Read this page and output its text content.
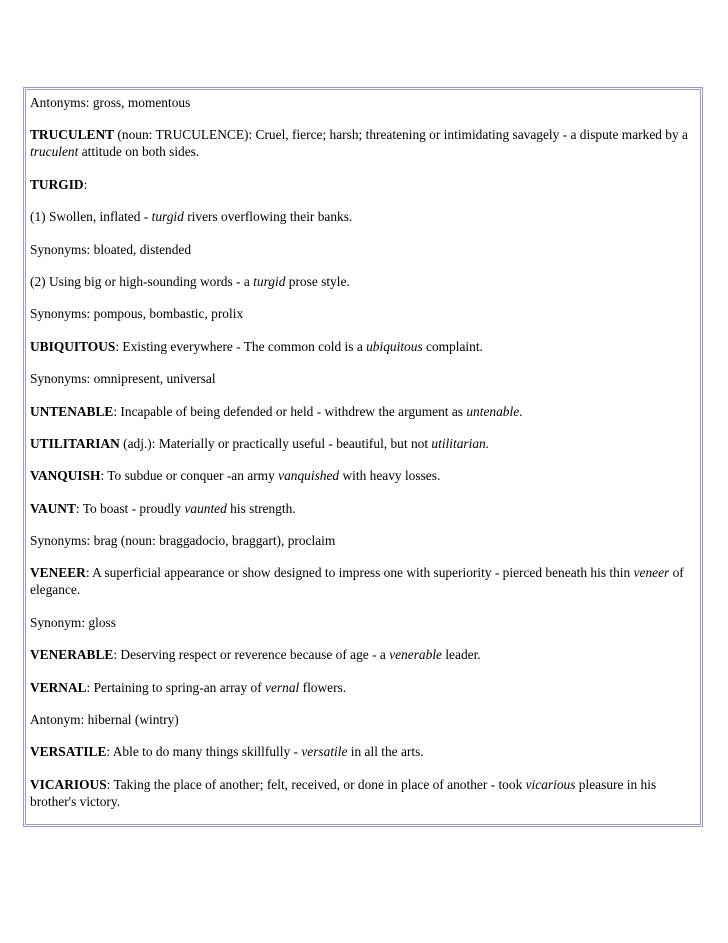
Antonyms: gross, momentous
TRUCULENT (noun: TRUCULENCE): Cruel, fierce; harsh; threatening or intimidating savagely - a dispute marked by a truculent attitude on both sides.
TURGID:
(1) Swollen, inflated - turgid rivers overflowing their banks.
Synonyms: bloated, distended
(2) Using big or high-sounding words - a turgid prose style.
Synonyms: pompous, bombastic, prolix
UBIQUITOUS: Existing everywhere - The common cold is a ubiquitous complaint.
Synonyms: omnipresent, universal
UNTENABLE: Incapable of being defended or held - withdrew the argument as untenable.
UTILITARIAN (adj.): Materially or practically useful - beautiful, but not utilitarian.
VANQUISH: To subdue or conquer -an army vanquished with heavy losses.
VAUNT: To boast - proudly vaunted his strength.
Synonyms: brag (noun: braggadocio, braggart), proclaim
VENEER: A superficial appearance or show designed to impress one with superiority - pierced beneath his thin veneer of elegance.
Synonym: gloss
VENERABLE: Deserving respect or reverence because of age - a venerable leader.
VERNAL: Pertaining to spring-an array of vernal flowers.
Antonym: hibernal (wintry)
VERSATILE: Able to do many things skillfully - versatile in all the arts.
VICARIOUS: Taking the place of another; felt, received, or done in place of another - took vicarious pleasure in his brother's victory.
